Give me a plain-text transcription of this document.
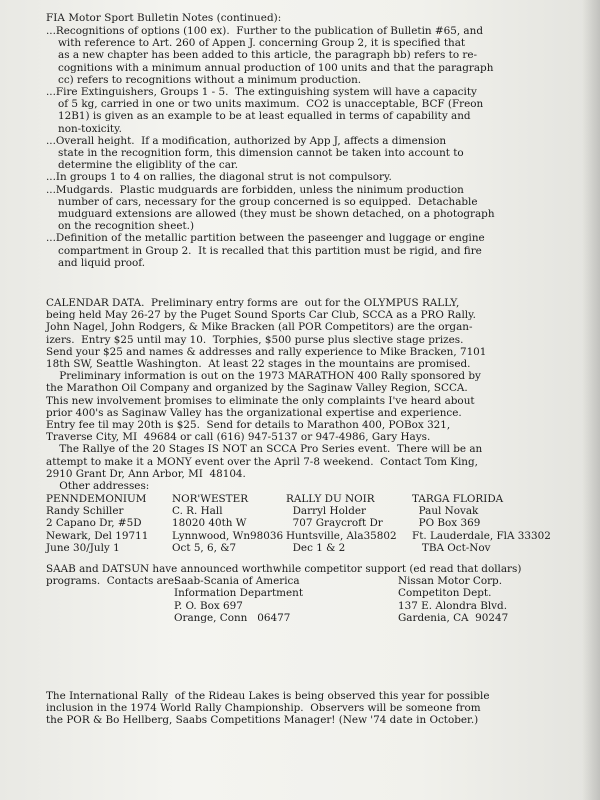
FIA Motor Sport Bulletin Notes (continued):
...Recognitions of options (100 ex).  Further to the publication of Bulletin #65, and
with reference to Art. 260 of Appen J. concerning Group 2, it is specified that
as a new chapter has been added to this article, the paragraph bb) refers to re-
cognitions with a minimum annual production of 100 units and that the paragraph
cc) refers to recognitions without a minimum production.
...Fire Extinguishers, Groups 1 - 5.  The extinguishing system will have a capacity
of 5 kg, carried in one or two units maximum.  CO2 is unacceptable, BCF (Freon
12B1) is given as an example to be at least equalled in terms of capability and
non-toxicity.
...Overall height.  If a modification, authorized by App J, affects a dimension
state in the recognition form, this dimension cannot be taken into account to
determine the eligiblity of the car.
...In groups 1 to 4 on rallies, the diagonal strut is not compulsory.
...Mudgards.  Plastic mudguards are forbidden, unless the ninimum production
number of cars, necessary for the group concerned is so equipped.  Detachable
mudguard extensions are allowed (they must be shown detached, on a photograph
on the recognition sheet.)
...Definition of the metallic partition between the paseenger and luggage or engine
compartment in Group 2.  It is recalled that this partition must be rigid, and fire
and liquid proof.
CALENDAR DATA.  Preliminary entry forms are  out for the OLYMPUS RALLY,
being held May 26-27 by the Puget Sound Sports Car Club, SCCA as a PRO Rally.
John Nagel, John Rodgers, & Mike Bracken (all POR Competitors) are the organ-
izers.  Entry $25 until may 10.  Torphies, $500 purse plus slective stage prizes.
Send your $25 and names & addresses and rally experience to Mike Bracken, 7101
18th SW, Seattle Washington.  At least 22 stages in the mountains are promised.
Preliminary information is out on the 1973 MARATHON 400 Rally sponsored by
the Marathon Oil Company and organized by the Saginaw Valley Region, SCCA.
This new involvement þromises to eliminate the only complaints I've heard about
prior 400's as Saginaw Valley has the organizational expertise and experience.
Entry fee til may 20th is $25.  Send for details to Marathon 400, POBox 321,
Traverse City, MI  49684 or call (616) 947-5137 or 947-4986, Gary Hays.
The Rallye of the 20 Stages IS NOT an SCCA Pro Series event.  There will be an
attempt to make it a MONY event over the April 7-8 weekend.  Contact Tom King,
2910 Grant Dr, Ann Arbor, MI  48104.
Other addresses:
PENNDEMONIUM
Randy Schiller
2 Capano Dr, #5D
Newark, Del 19711
June 30/July 1
NOR'WESTER
C. R. Hall
18020 40th W
Lynnwood, Wn98036
Oct 5, 6, &7
RALLY DU NOIR
Darryl Holder
707 Graycroft Dr
Huntsville, Ala35802
Dec 1 & 2
TARGA FLORIDA
Paul Novak
PO Box 369
Ft. Lauderdale, FlA 33302
TBA Oct-Nov
SAAB and DATSUN have announced worthwhile competitor support (ed read that dollars)
programs.  Contacts are:
Saab-Scania of America
Information Department
P. O. Box 697
Orange, Conn   06477
Nissan Motor Corp.
Competiton Dept.
137 E. Alondra Blvd.
Gardenia, CA  90247
The International Rally  of the Rideau Lakes is being observed this year for possible
inclusion in the 1974 World Rally Championship.  Observers will be someone from
the POR & Bo Hellberg, Saabs Competitions Manager! (New '74 date in October.)
